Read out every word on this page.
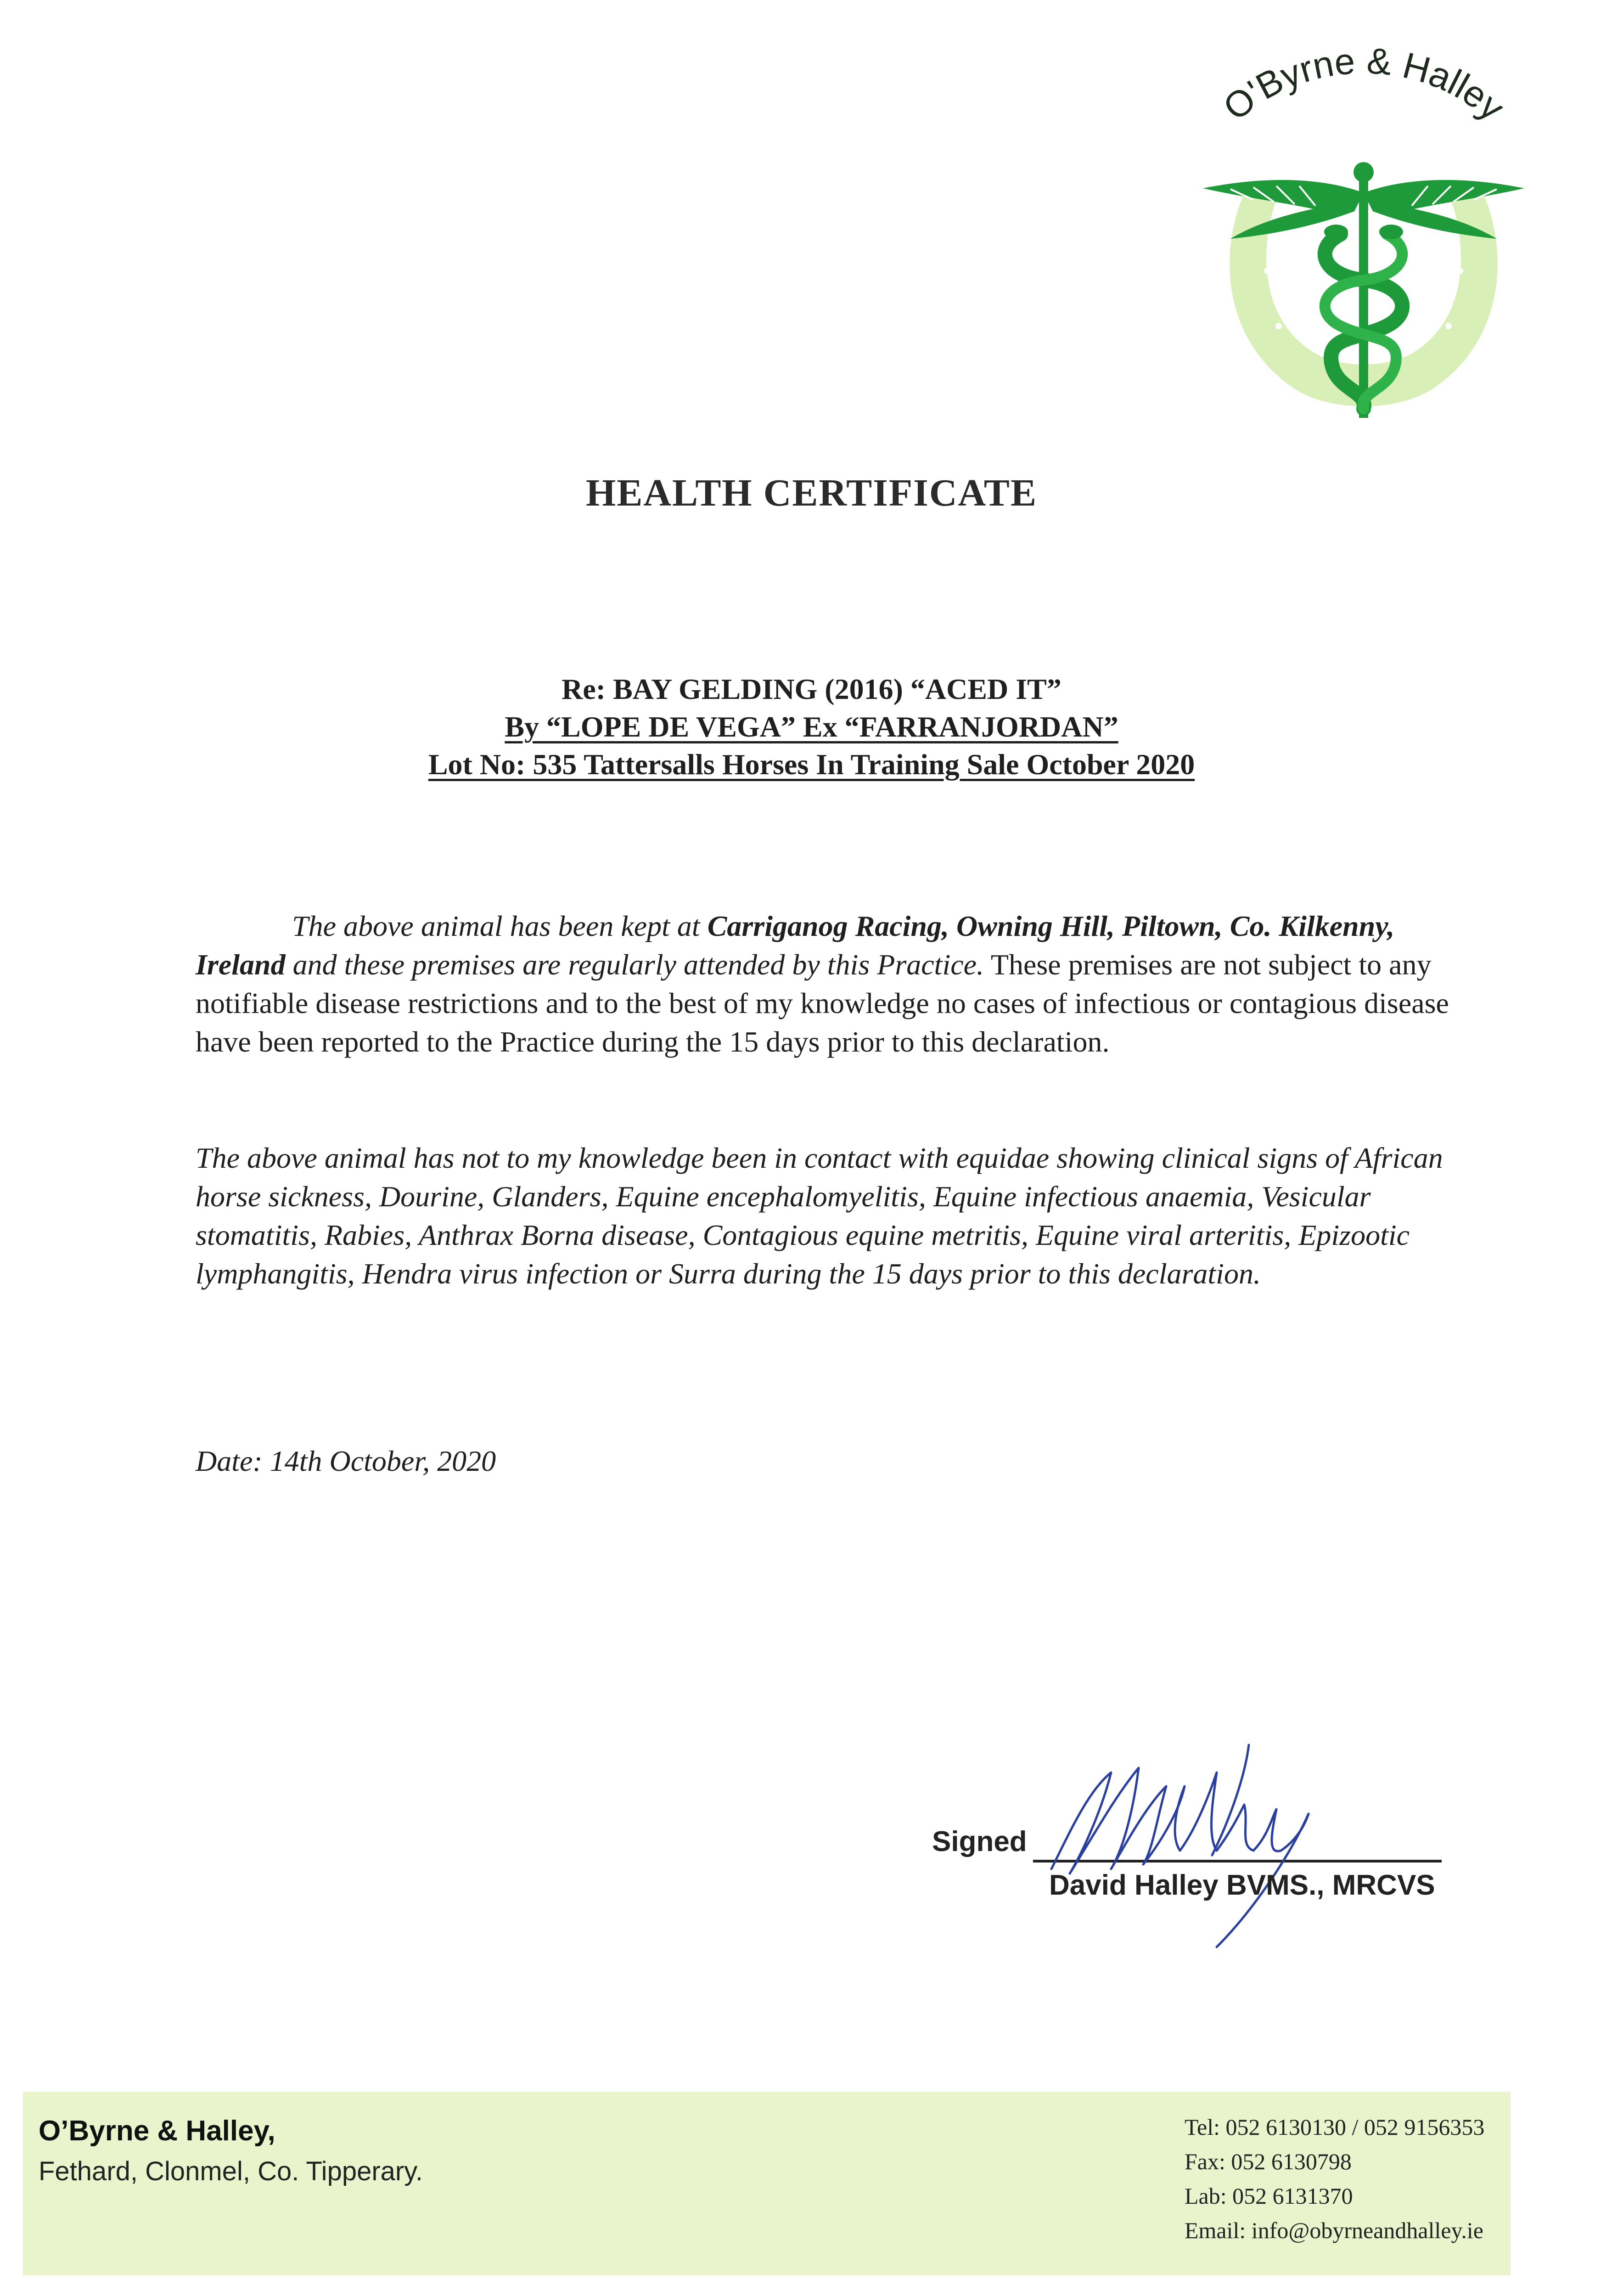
O'Byrne & Halley
HEALTH CERTIFICATE
Re: BAY GELDING (2016) “ACED IT”
By “LOPE DE VEGA” Ex “FARRANJORDAN”
Lot No: 535 Tattersalls Horses In Training Sale October 2020
The above animal has been kept at Carriganog Racing, Owning Hill, Piltown, Co. Kilkenny, Ireland and these premises are regularly attended by this Practice. These premises are not subject to any notifiable disease restrictions and to the best of my knowledge no cases of infectious or contagious disease have been reported to the Practice during the 15 days prior to this declaration.
The above animal has not to my knowledge been in contact with equidae showing clinical signs of African horse sickness, Dourine, Glanders, Equine encephalomyelitis, Equine infectious anaemia, Vesicular stomatitis, Rabies, Anthrax Borna disease, Contagious equine metritis, Equine viral arteritis, Epizootic lymphangitis, Hendra virus infection or Surra during the 15 days prior to this declaration.
Date: 14th October, 2020
Signed
David Halley BVMS., MRCVS
O’Byrne & Halley,
Fethard, Clonmel, Co. Tipperary.
Tel: 052 6130130 / 052 9156353
Fax: 052 6130798
Lab: 052 6131370
Email: info@obyrneandhalley.ie
